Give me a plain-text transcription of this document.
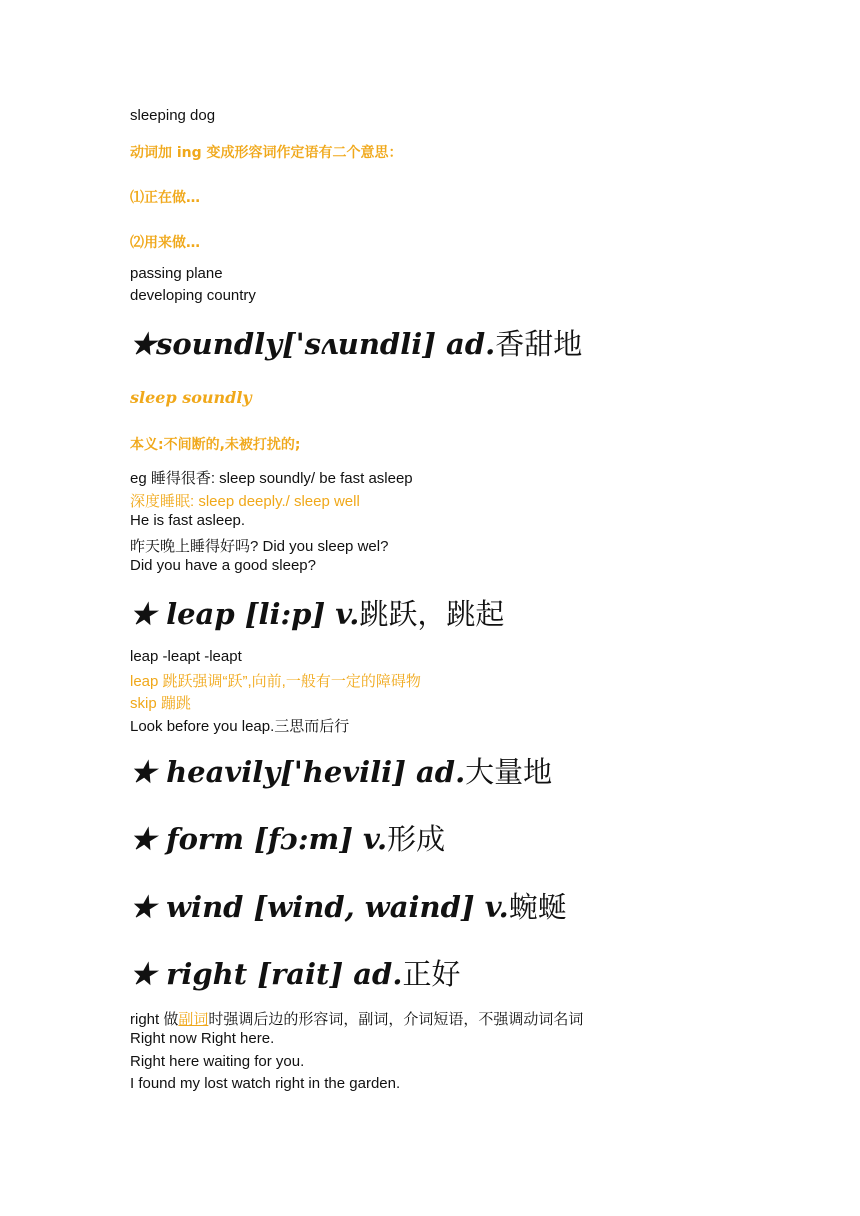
sleeping dog
动词加 ing 变成形容词作定语有二个意思：
⑴正在做…
⑵用来做…
passing plane
developing country
★soundly['sʌundli] ad.香甜地
sleep soundly
本义:不间断的,未被打扰的;
eg 睡得很香: sleep soundly/ be fast asleep
深度睡眠: sleep deeply./ sleep well
He is fast asleep.
昨天晚上睡得好吗? Did you sleep wel?
Did you have a good sleep?
★ leap [li:p] v.跳跃，跳起
leap -leapt -leapt
leap 跳跃强调“跃”,向前,一般有一定的障碍物
skip 蹦跳
Look before you leap.三思而后行
★ heavily['hevili] ad.大量地
★ form [fɔ:m] v.形成
★ wind [wind, waind] v.蜿蜒
★ right [rait] ad.正好
right 做副词时强调后边的形容词，副词，介词短语，不强调动词名词
Right now Right here.
Right here waiting for you.
I found my lost watch right in the garden.
